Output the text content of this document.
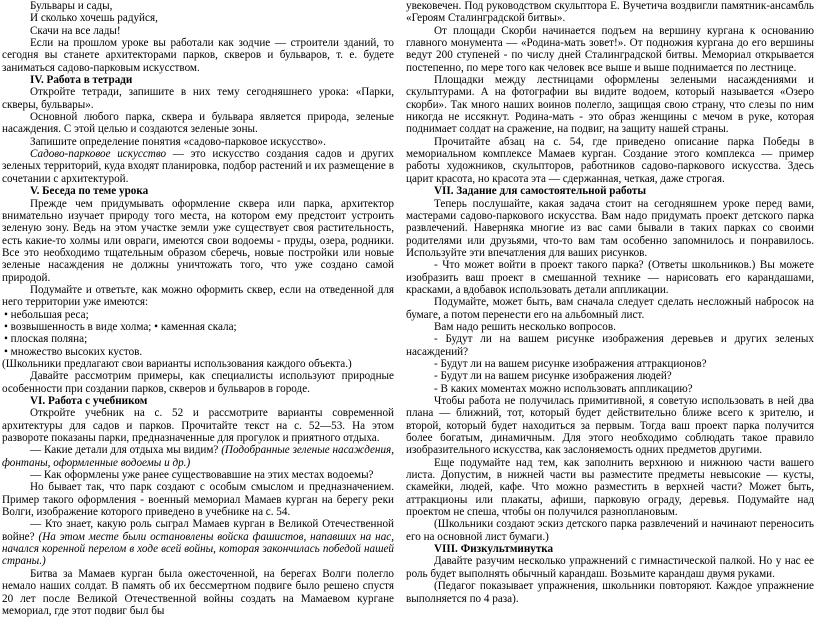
Бульвары и сады,

И сколько хочешь радуйся,

Скачи на все лады!

Если на прошлом уроке вы работали как зодчие — строители зданий, то сегодня вы станете архитекторами парков, скверов и бульваров, т. е. будете заниматься садово-парковым искусством.

IV. Работа в тетради

Откройте тетради, запишите в них тему сегодняшнего урока: «Парки, скверы, бульвары».

Основной любого парка, сквера и бульвара является природа, зеленые насаждения. С этой целью и создаются зеленые зоны.

Запишите определение понятия «садово-парковое искусство».

Садово-парковое искусство — это искусство создания садов и других зеленых территорий, куда входят планировка, подбор растений и их размещение в сочетании с архитектурой.

V. Беседа по теме урока

Прежде чем придумывать оформление сквера или парка, архитектор внимательно изучает природу того места, на котором ему предстоит устроить зеленую зону. Ведь на этом участке земли уже существует своя растительность, есть какие-то холмы или овраги, имеются свои водоемы - пруды, озера, родники. Все это необходимо тщательным образом сберечь, новые постройки или новые зеленые насаждения не должны уничтожать того, что уже создано самой природой.

Подумайте и ответьте, как можно оформить сквер, если на отведенной для него территории уже имеются:

• небольшая реса;

• возвышенность в виде холма; • каменная скала;

• плоская поляна;

• множество высоких кустов.

(Школьники предлагают свои варианты использования каждого объекта.)

Давайте рассмотрим примеры, как специалисты используют природные особенности при создании парков, скверов и бульваров в городе.

VI. Работа с учебником

Откройте учебник на с. 52 и рассмотрите варианты современной архитектуры для садов и парков. Прочитайте текст на с. 52—53. На этом развороте показаны парки, предназначенные для прогулок и приятного отдыха.

— Какие детали для отдыха мы видим? (Подобранные зеленые насаждения, фонтаны, оформленные водоемы и др.)

— Как оформлены уже ранее существовавшие на этих местах водоемы?

Но бывает так, что парк создают с особым смыслом и предназначением. Пример такого оформления - военный мемориал Мамаев курган на берегу реки Волги, изображение которого приведено в учебнике на с. 54.

— Кто знает, какую роль сыграл Мамаев курган в Великой Отечественной войне? (На этом месте были остановлены войска фашистов, напавших на нас, начался коренной перелом в ходе всей войны, которая закончилась победой нашей страны.)

Битва за Мамаев курган была ожесточенной, на берегах Волги полегло немало наших солдат. В память об их бессмертном подвиге было решено спустя 20 лет после Великой Отечественной войны создать на Мамаевом кургане мемориал, где этот подвиг был бы

увековечен. Под руководством скульптора Е. Вучетича воздвигли памятник-ансамбль «Героям Сталинградской битвы».

От площади Скорби начинается подъем на вершину кургана к основанию главного монумента — «Родина-мать зовет!». От подножия кургана до его вершины ведут 200 ступеней - по числу дней Сталинградской битвы. Мемориал открывается постепенно, по мере того как человек все выше и выше поднимается по лестнице.

Площадки между лестницами оформлены зелеными насаждениями и скульптурами. А на фотографии вы видите водоем, который называется «Озеро скорби». Так много наших воинов полегло, защищая свою страну, что слезы по ним никогда не иссякнут. Родина-мать - это образ женщины с мечом в руке, которая поднимает солдат на сражение, на подвиг, на защиту нашей страны.

Прочитайте абзац на с. 54, где приведено описание парка Победы в мемориальном комплексе Мамаев курган. Создание этого комплекса — пример работы художников, скульпторов, работников садово-паркового искусства. Здесь царит красота, но красота эта — сдержанная, четкая, даже строгая.

VII. Задание для самостоятельной работы

Теперь послушайте, какая задача стоит на сегодняшнем уроке перед вами, мастерами садово-паркового искусства. Вам надо придумать проект детского парка развлечений. Наверняка многие из вас сами бывали в таких парках со своими родителями или друзьями, что-то вам там особенно запомнилось и понравилось. Используйте эти впечатления для ваших рисунков.

- Что может войти в проект такого парка? (Ответы школьников.) Вы можете изобразить ваш проект в смешанной технике — нарисовать его карандашами, красками, а вдобавок использовать детали аппликации.

Подумайте, может быть, вам сначала следует сделать несложный набросок на бумаге, а потом перенести его на альбомный лист.

Вам надо решить несколько вопросов.

- Будут ли на вашем рисунке изображения деревьев и других зеленых насаждений?

- Будут ли на вашем рисунке изображения аттракционов?

- Будут ли на вашем рисунке изображения людей?

- В каких моментах можно использовать аппликацию?

Чтобы работа не получилась примитивной, я советую использовать в ней два плана — ближний, тот, который будет действительно ближе всего к зрителю, и второй, который будет находиться за первым. Тогда ваш проект парка получится более богатым, динамичным. Для этого необходимо соблюдать такое правило изобразительного искусства, как заслоняемость одних предметов другими.

Еще подумайте над тем, как заполнить верхнюю и нижнюю части вашего листа. Допустим, в нижней части вы разместите предметы невысокие — кусты, скамейки, людей, кафе. Что можно разместить в верхней части? Может быть, аттракционы или плакаты, афиши, парковую ограду, деревья. Подумайте над проектом не спеша, чтобы он получился разноплановым.

(Школьники создают эскиз детского парка развлечений и начинают переносить его на основной лист бумаги.)

VIII. Физкультминутка

Давайте разучим несколько упражнений с гимнастической палкой. Но у нас ее роль будет выполнять обычный карандаш. Возьмите карандаш двумя руками.

(Педагог показывает упражнения, школьники повторяют. Каждое упражнение выполняется по 4 раза).
